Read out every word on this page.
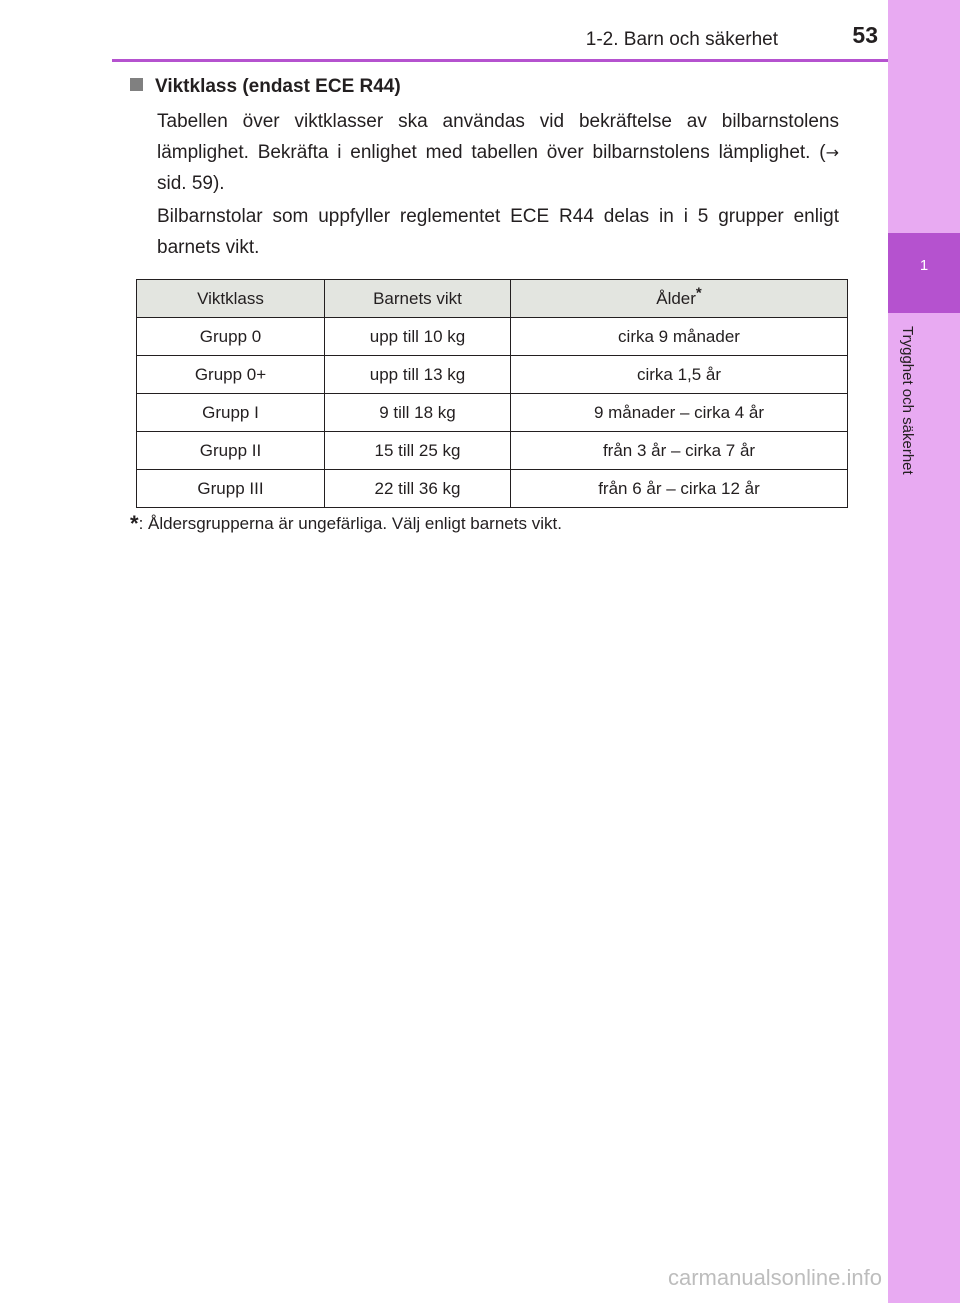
1
Trygghet och säkerhet
1-2. Barn och säkerhet	53
Viktklass (endast ECE R44)

Tabellen över viktklasser ska användas vid bekräftelse av bilbarnstolens lämplighet. Bekräfta i enlighet med tabellen över bilbarnstolens lämplighet. (→ sid. 59).

Bilbarnstolar som uppfyller reglementet ECE R44 delas in i 5 grupper enligt barnets vikt.

Viktklass	Barnets vikt	Ålder*
Grupp 0	upp till 10 kg	cirka 9 månader
Grupp 0+	upp till 13 kg	cirka 1,5 år
Grupp I	9 till 18 kg	9 månader – cirka 4 år
Grupp II	15 till 25 kg	från 3 år – cirka 7 år
Grupp III	22 till 36 kg	från 6 år – cirka 12 år
*: Åldersgrupperna är ungefärliga. Välj enligt barnets vikt.
carmanualsonline.info
